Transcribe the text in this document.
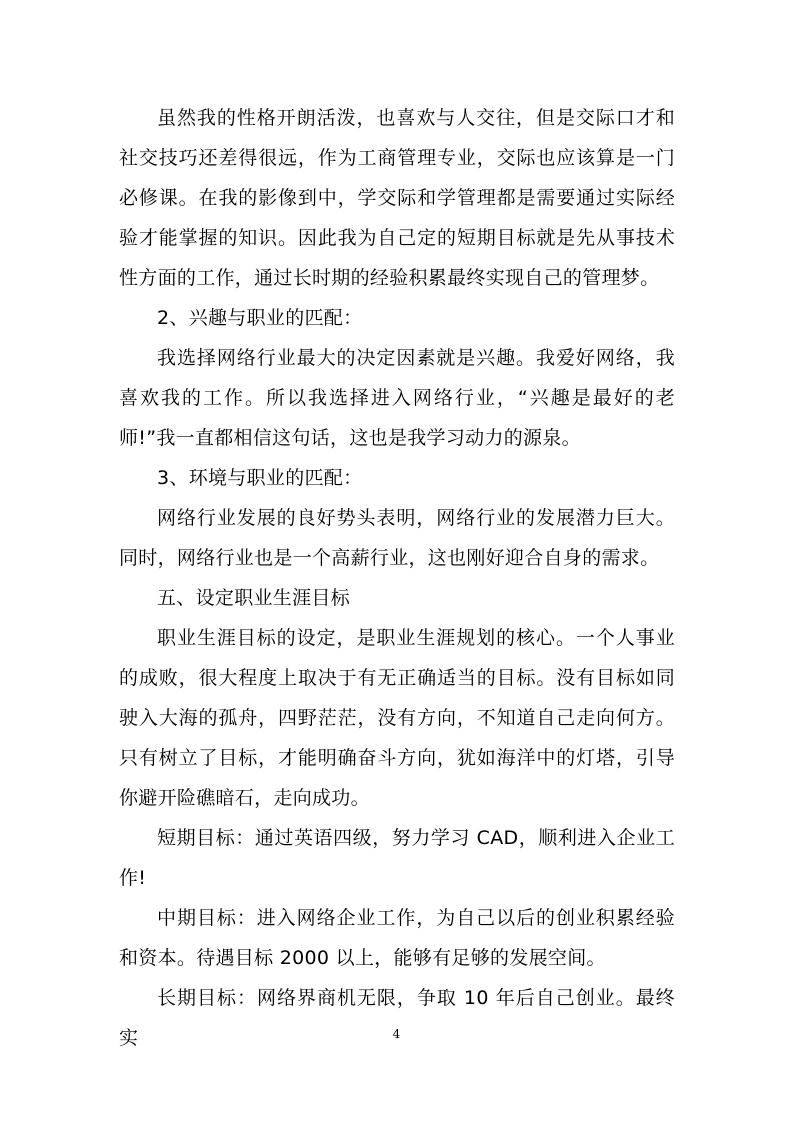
虽然我的性格开朗活泼，也喜欢与人交往，但是交际口才和社交技巧还差得很远，作为工商管理专业，交际也应该算是一门必修课。在我的影像到中，学交际和学管理都是需要通过实际经验才能掌握的知识。因此我为自己定的短期目标就是先从事技术性方面的工作，通过长时期的经验积累最终实现自己的管理梦。

2、兴趣与职业的匹配：

我选择网络行业最大的决定因素就是兴趣。我爱好网络，我喜欢我的工作。所以我选择进入网络行业，“兴趣是最好的老师!”我一直都相信这句话，这也是我学习动力的源泉。

3、环境与职业的匹配：

网络行业发展的良好势头表明，网络行业的发展潜力巨大。同时，网络行业也是一个高薪行业，这也刚好迎合自身的需求。

五、设定职业生涯目标

职业生涯目标的设定，是职业生涯规划的核心。一个人事业的成败，很大程度上取决于有无正确适当的目标。没有目标如同驶入大海的孤舟，四野茫茫，没有方向，不知道自己走向何方。只有树立了目标，才能明确奋斗方向，犹如海洋中的灯塔，引导你避开险礁暗石，走向成功。

短期目标：通过英语四级，努力学习 CAD，顺利进入企业工作!

中期目标：进入网络企业工作，为自己以后的创业积累经验和资本。待遇目标 2000 以上，能够有足够的发展空间。

长期目标：网络界商机无限，争取 10 年后自己创业。最终实	4
